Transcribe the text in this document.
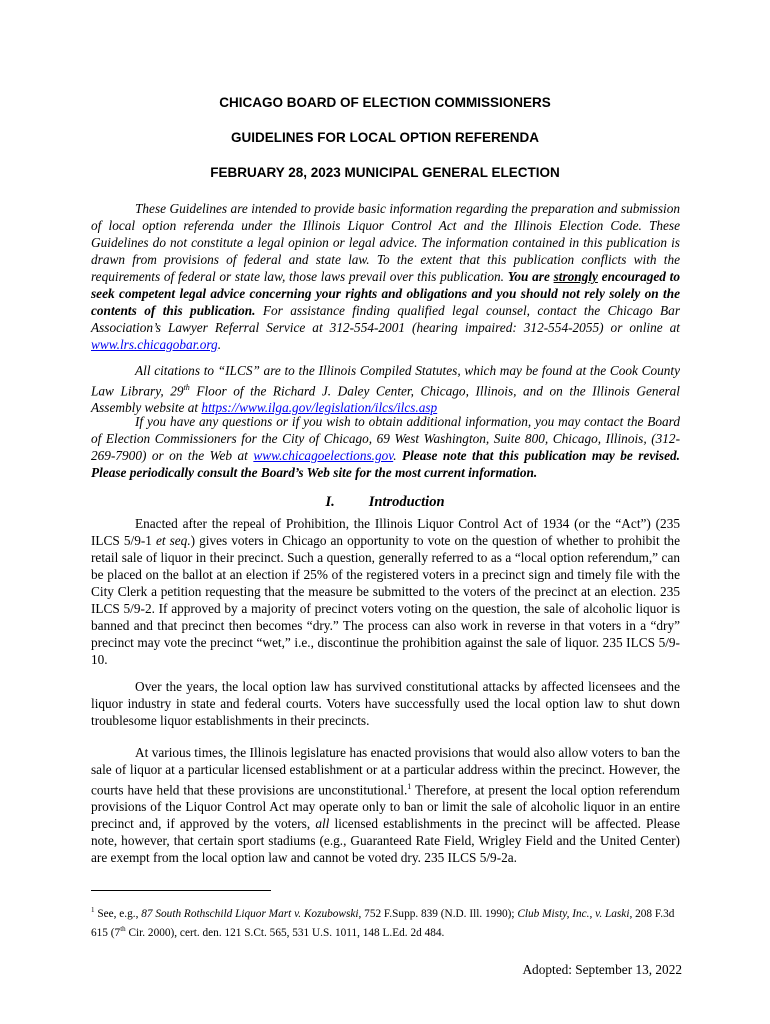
CHICAGO BOARD OF ELECTION COMMISSIONERS
GUIDELINES FOR LOCAL OPTION REFERENDA
FEBRUARY 28, 2023 MUNICIPAL GENERAL ELECTION

These Guidelines are intended to provide basic information regarding the preparation and submission of local option referenda under the Illinois Liquor Control Act and the Illinois Election Code. These Guidelines do not constitute a legal opinion or legal advice. The information contained in this publication is drawn from provisions of federal and state law. To the extent that this publication conflicts with the requirements of federal or state law, those laws prevail over this publication. You are strongly encouraged to seek competent legal advice concerning your rights and obligations and you should not rely solely on the contents of this publication. For assistance finding qualified legal counsel, contact the Chicago Bar Association’s Lawyer Referral Service at 312-554-2001 (hearing impaired: 312-554-2055) or online at www.lrs.chicagobar.org.

All citations to “ILCS” are to the Illinois Compiled Statutes, which may be found at the Cook County Law Library, 29th Floor of the Richard J. Daley Center, Chicago, Illinois, and on the Illinois General Assembly website at https://www.ilga.gov/legislation/ilcs/ilcs.asp

If you have any questions or if you wish to obtain additional information, you may contact the Board of Election Commissioners for the City of Chicago, 69 West Washington, Suite 800, Chicago, Illinois, (312-269-7900) or on the Web at www.chicagoelections.gov. Please note that this publication may be revised. Please periodically consult the Board’s Web site for the most current information.

I. Introduction

Enacted after the repeal of Prohibition, the Illinois Liquor Control Act of 1934 (or the “Act”) (235 ILCS 5/9-1 et seq.) gives voters in Chicago an opportunity to vote on the question of whether to prohibit the retail sale of liquor in their precinct. Such a question, generally referred to as a “local option referendum,” can be placed on the ballot at an election if 25% of the registered voters in a precinct sign and timely file with the City Clerk a petition requesting that the measure be submitted to the voters of the precinct at an election. 235 ILCS 5/9-2. If approved by a majority of precinct voters voting on the question, the sale of alcoholic liquor is banned and that precinct then becomes “dry.” The process can also work in reverse in that voters in a “dry” precinct may vote the precinct “wet,” i.e., discontinue the prohibition against the sale of liquor. 235 ILCS 5/9-10.

Over the years, the local option law has survived constitutional attacks by affected licensees and the liquor industry in state and federal courts. Voters have successfully used the local option law to shut down troublesome liquor establishments in their precincts.

At various times, the Illinois legislature has enacted provisions that would also allow voters to ban the sale of liquor at a particular licensed establishment or at a particular address within the precinct. However, the courts have held that these provisions are unconstitutional.$^1$ Therefore, at present the local option referendum provisions of the Liquor Control Act may operate only to ban or limit the sale of alcoholic liquor in an entire precinct and, if approved by the voters, all licensed establishments in the precinct will be affected. Please note, however, that certain sport stadiums (e.g., Guaranteed Rate Field, Wrigley Field and the United Center) are exempt from the local option law and cannot be voted dry. 235 ILCS 5/9-2a.

$^1$ See, e.g., 87 South Rothschild Liquor Mart v. Kozubowski, 752 F.Supp. 839 (N.D. Ill. 1990); Club Misty, Inc., v. Laski, 208 F.3d 615 (7th Cir. 2000), cert. den. 121 S.Ct. 565, 531 U.S. 1011, 148 L.Ed. 2d 484.

Adopted: September 13, 2022
